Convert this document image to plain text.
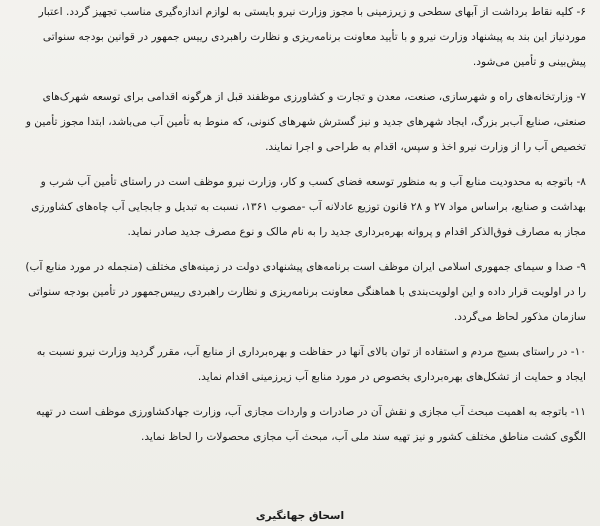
۶- کلیه نقاط برداشت از آبهای سطحی و زیرزمینی با مجوز وزارت نیرو بایستی به لوازم اندازه‌گیری مناسب تجهیز گردد. اعتبار
موردنیاز این بند به پیشنهاد وزارت نیرو و با تأیید معاونت برنامه‌ریزی و نظارت راهبردی رییس جمهور در قوانین بودجه سنواتی
پیش‌بینی و تأمین می‌شود.

۷- وزارتخانه‌های راه و شهرسازی، صنعت، معدن و تجارت و کشاورزی موظفند قبل از هرگونه اقدامی برای توسعه شهرک‌های
صنعتی، صنایع آب‌بر بزرگ، ایجاد شهرهای جدید و نیز گسترش شهرهای کنونی، که منوط به تأمین آب می‌باشد، ابتدا مجوز تأمین و
تخصیص آب را از وزارت نیرو اخذ و سپس، اقدام به طراحی و اجرا نمایند.

۸- باتوجه به محدودیت منابع آب و به منظور توسعه فضای کسب و کار، وزارت نیرو موظف است در راستای تأمین آب شرب و
بهداشت و صنایع، براساس مواد ۲۷ و ۲۸ قانون توزیع عادلانه آب -مصوب ۱۳۶۱، نسبت به تبدیل و جابجایی آب چاه‌های کشاورزی
مجاز به مصارف فوق‌الذکر اقدام و پروانه بهره‌برداری جدید را به نام مالک و نوع مصرف جدید صادر نماید.

۹- صدا و سیمای جمهوری اسلامی ایران موظف است برنامه‌های پیشنهادی دولت در زمینه‌های مختلف (منجمله در مورد منابع آب)
را در اولویت قرار داده و این اولویت‌بندی با هماهنگی معاونت برنامه‌ریزی و نظارت راهبردی رییس‌جمهور در تأمین بودجه سنواتی
سازمان مذکور لحاظ می‌گردد.

۱۰- در راستای بسیج مردم و استفاده از توان بالای آنها در حفاظت و بهره‌برداری از منابع آب، مقرر گردید وزارت نیرو نسبت به
ایجاد و حمایت از تشکل‌های بهره‌برداری بخصوص در مورد منابع آب زیرزمینی اقدام نماید.

۱۱- باتوجه به اهمیت مبحث آب مجازی و نقش آن در صادرات و واردات مجازی آب، وزارت جهادکشاورزی موظف است در تهیه
الگوی کشت مناطق مختلف کشور و نیز تهیه سند ملی آب، مبحث آب مجازی محصولات را لحاظ نماید.

اسحاق جهانگیری
